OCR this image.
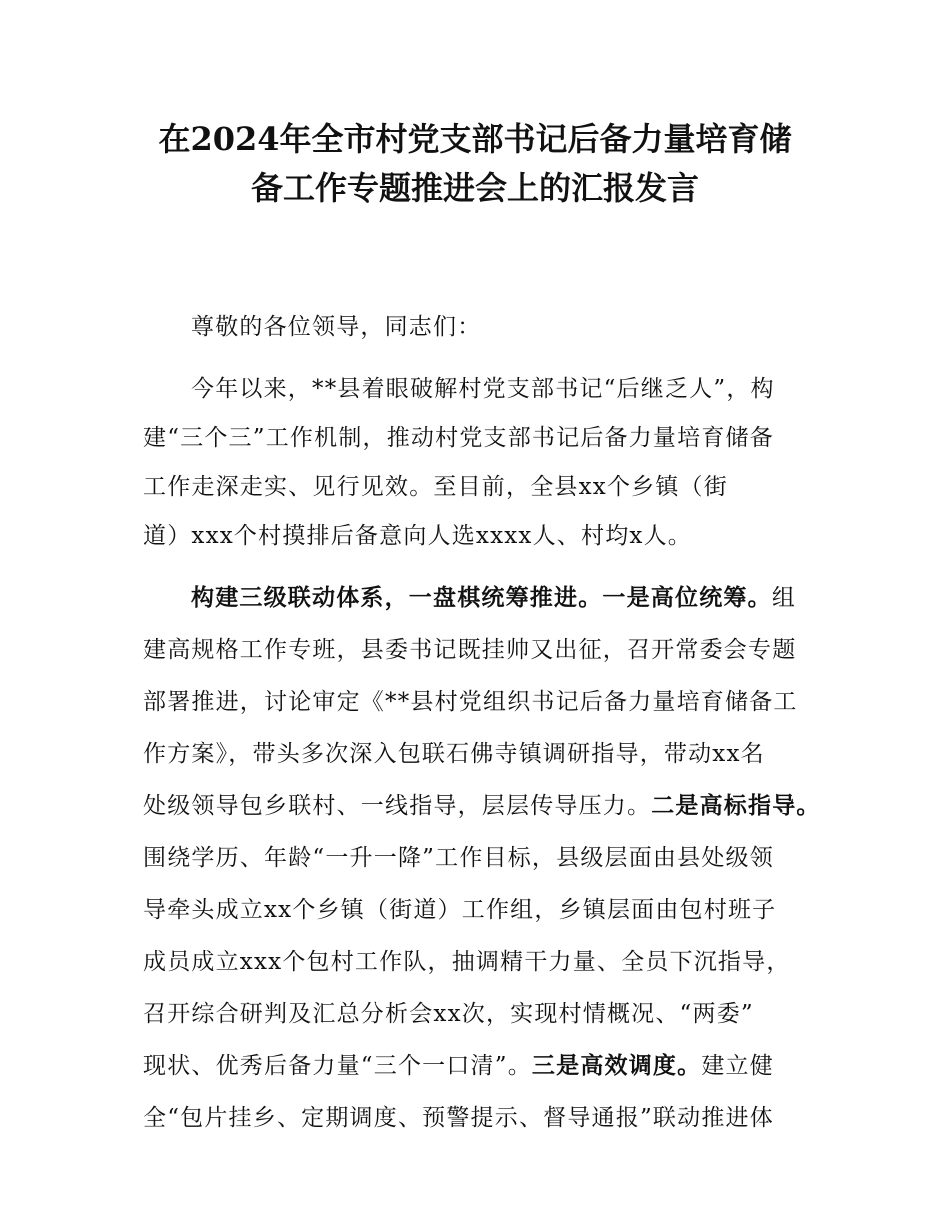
在2024年全市村党支部书记后备力量培育储
备工作专题推进会上的汇报发言
尊敬的各位领导，同志们：
今年以来，**县着眼破解村党支部书记“后继乏人”，构
建“三个三”工作机制，推动村党支部书记后备力量培育储备
工作走深走实、见行见效。至目前，全县xx个乡镇（街
道）xxx个村摸排后备意向人选xxxx人、村均x人。
构建三级联动体系，一盘棋统筹推进。一是高位统筹。组
建高规格工作专班，县委书记既挂帅又出征，召开常委会专题
部署推进，讨论审定《**县村党组织书记后备力量培育储备工
作方案》，带头多次深入包联石佛寺镇调研指导，带动xx名
处级领导包乡联村、一线指导，层层传导压力。二是高标指导。
围绕学历、年龄“一升一降”工作目标，县级层面由县处级领
导牵头成立xx个乡镇（街道）工作组，乡镇层面由包村班子
成员成立xxx个包村工作队，抽调精干力量、全员下沉指导，
召开综合研判及汇总分析会xx次，实现村情概况、“两委”
现状、优秀后备力量“三个一口清”。三是高效调度。建立健
全“包片挂乡、定期调度、预警提示、督导通报”联动推进体
